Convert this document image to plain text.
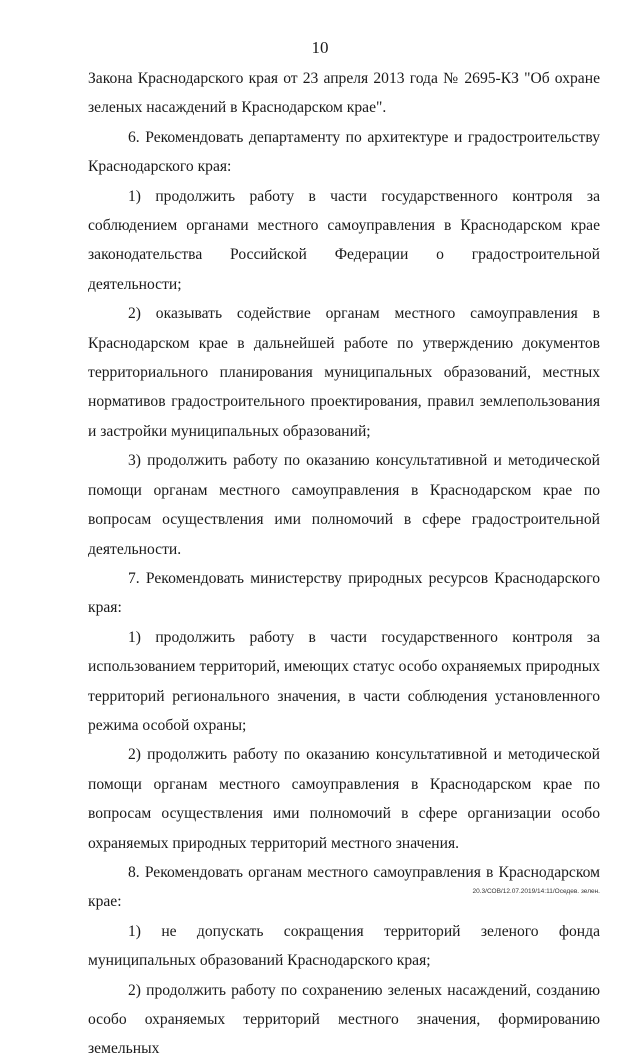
10

Закона Краснодарского края от 23 апреля 2013 года № 2695-КЗ "Об охране зеленых насаждений в Краснодарском крае".

6. Рекомендовать департаменту по архитектуре и градостроительству Краснодарского края:

1) продолжить работу в части государственного контроля за соблюдением органами местного самоуправления в Краснодарском крае законодательства Российской Федерации о градостроительной деятельности;

2) оказывать содействие органам местного самоуправления в Краснодарском крае в дальнейшей работе по утверждению документов территориального планирования муниципальных образований, местных нормативов градостроительного проектирования, правил землепользования и застройки муниципальных образований;

3) продолжить работу по оказанию консультативной и методической помощи органам местного самоуправления в Краснодарском крае по вопросам осуществления ими полномочий в сфере градостроительной деятельности.

7. Рекомендовать министерству природных ресурсов Краснодарского края:

1) продолжить работу в части государственного контроля за использованием территорий, имеющих статус особо охраняемых природных территорий регионального значения, в части соблюдения установленного режима особой охраны;

2) продолжить работу по оказанию консультативной и методической помощи органам местного самоуправления в Краснодарском крае по вопросам осуществления ими полномочий в сфере организации особо охраняемых природных территорий местного значения.

8. Рекомендовать органам местного самоуправления в Краснодарском крае:

1) не допускать сокращения территорий зеленого фонда муниципальных образований Краснодарского края;

2) продолжить работу по сохранению зеленых насаждений, созданию особо охраняемых территорий местного значения, формированию земельных

20.3/СОВ/12.07.2019/14:11/Оседев. зелен.
